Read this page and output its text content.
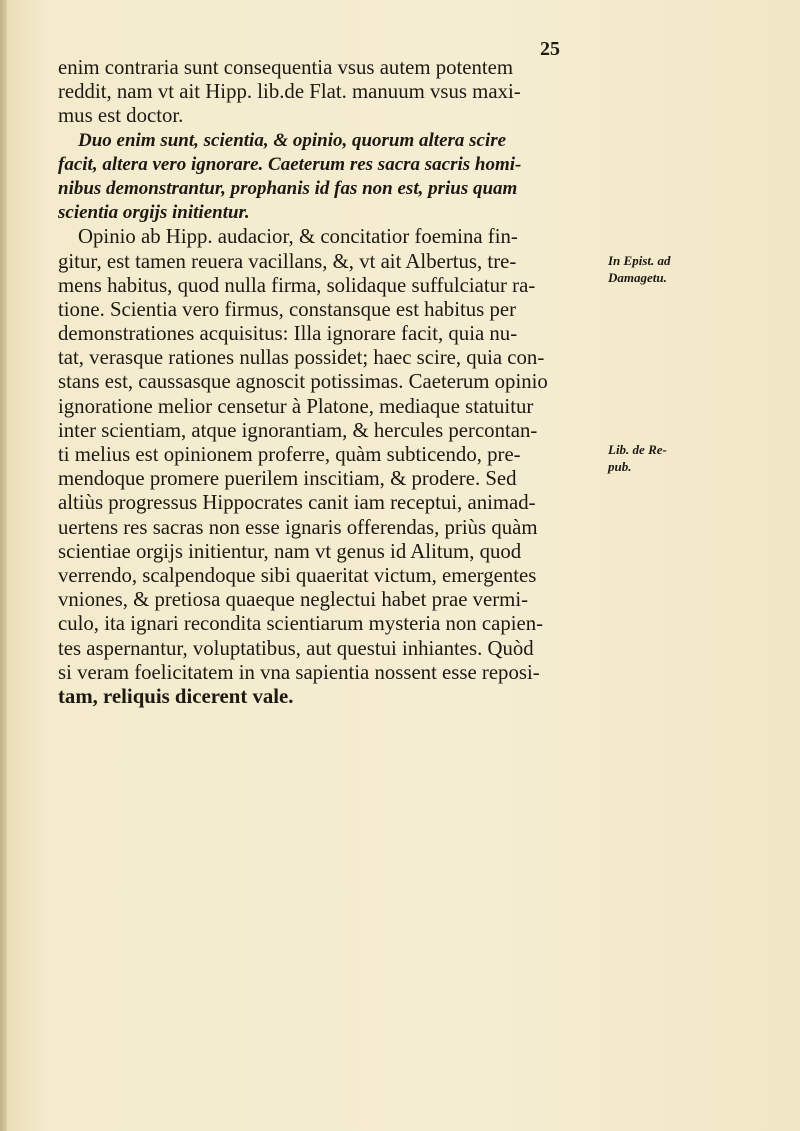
25
enim contraria sunt consequentia vsus autem potentem
reddit, nam vt ait Hipp. lib.de Flat. manuum vsus maxi-
mus est doctor.
Duo enim sunt, scientia, & opinio, quorum altera scire
facit, altera vero ignorare. Caeterum res sacra sacris homi-
nibus demonstrantur, prophanis id fas non est, prius quam
scientia orgijs initientur.
Opinio ab Hipp. audacior, & concitatior foemina fin-
gitur, est tamen reuera vacillans, &, vt ait Albertus, tre-
mens habitus, quod nulla firma, solidaque suffulciatur ra-
tione. Scientia vero firmus, constansque est habitus per
demonstrationes acquisitus: Illa ignorare facit, quia nu-
tat, verasque rationes nullas possidet; haec scire, quia con-
stans est, caussasque agnoscit potissimas. Caeterum opinio
ignoratione melior censetur à Platone, mediaque statuitur
inter scientiam, atque ignorantiam, & hercules percontan-
ti melius est opinionem proferre, quàm subticendo, pre-
mendoque promere puerilem inscitiam, & prodere. Sed
altiùs progressus Hippocrates canit iam receptui, animad-
uertens res sacras non esse ignaris offerendas, priùs quàm
scientiae orgijs initientur, nam vt genus id Alitum, quod
verrendo, scalpendoque sibi quaeritat victum, emergentes
vniones, & pretiosa quaeque neglectui habet prae vermi-
culo, ita ignari recondita scientiarum mysteria non capien-
tes aspernantur, voluptatibus, aut questui inhiantes. Quòd
si veram foelicitatem in vna sapientia nossent esse reposi-
tam, reliquis dicerent vale.
In Epist. ad
Damagetu.
Lib. de Re-
pub.
